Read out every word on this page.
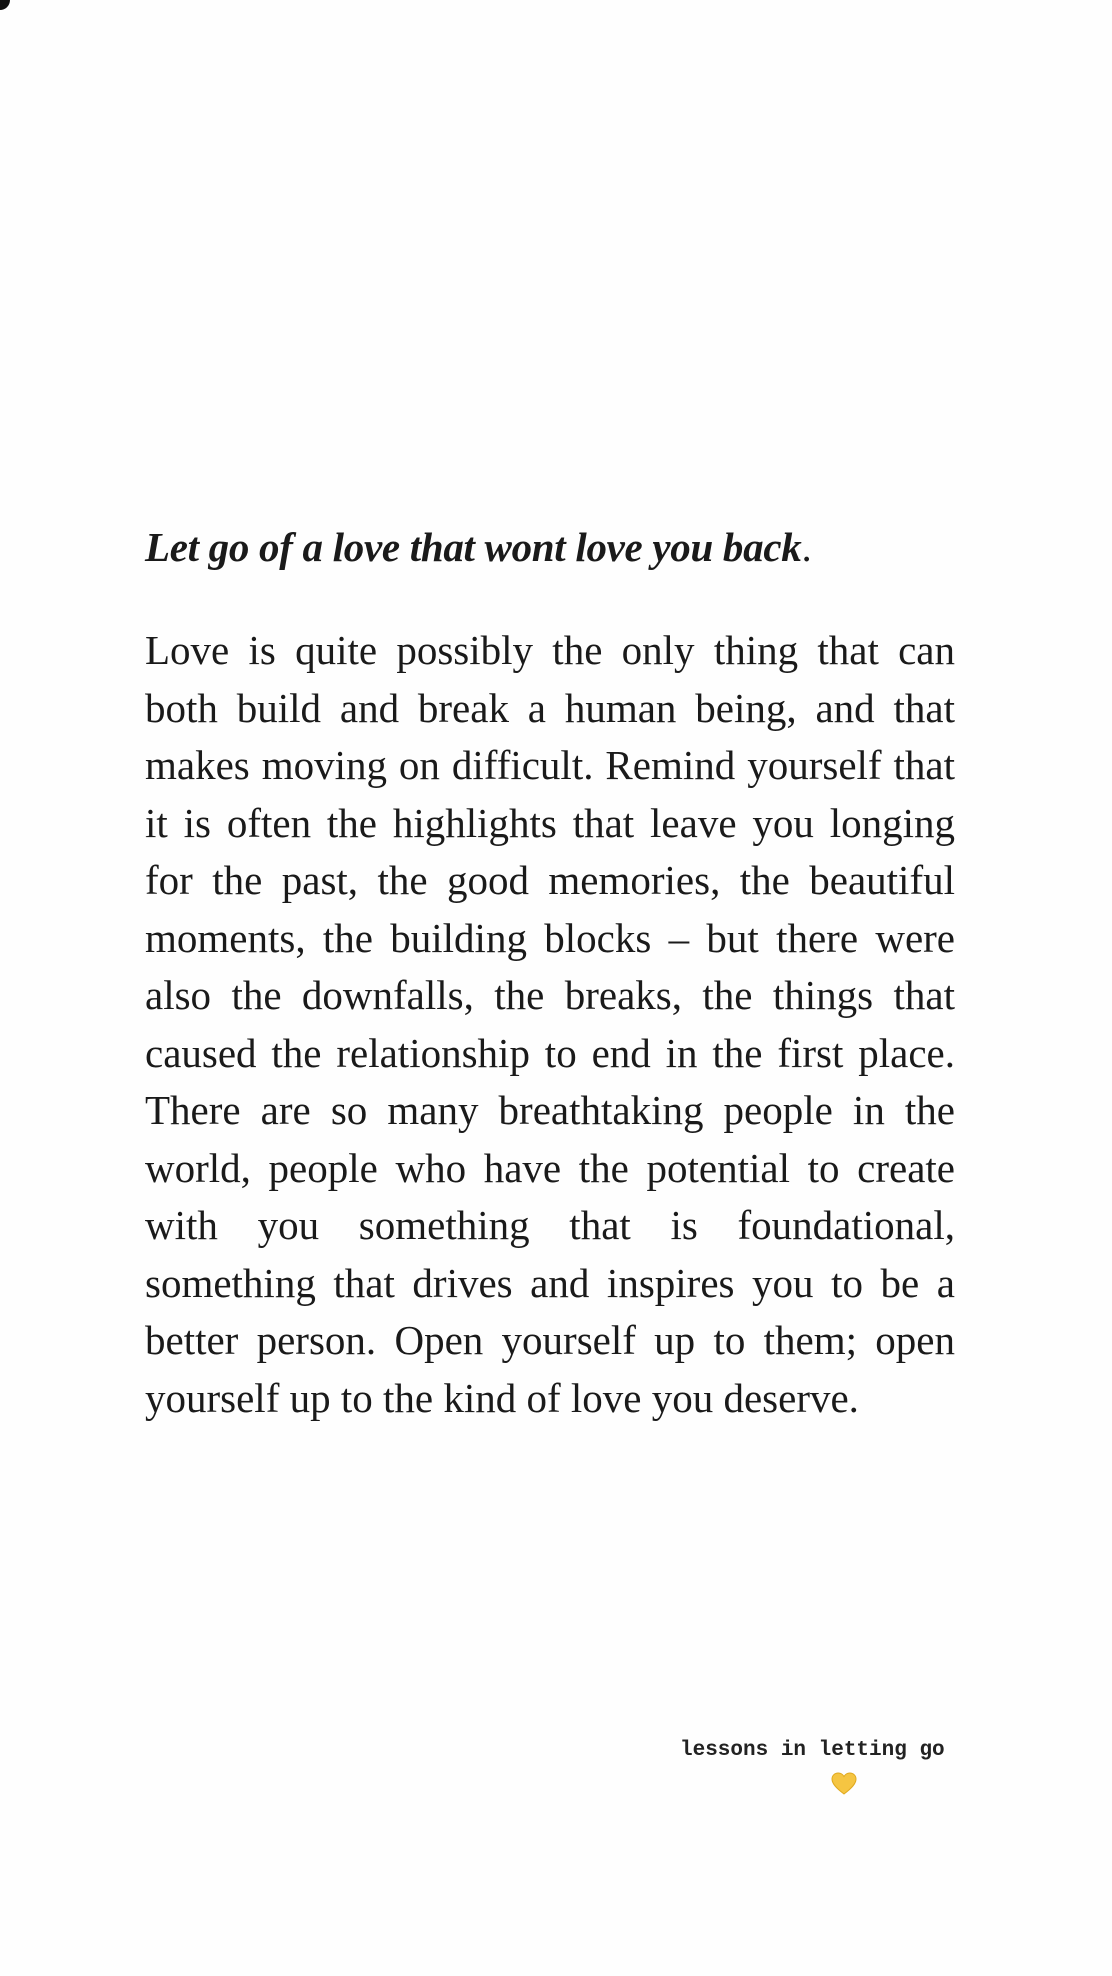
Let go of a love that wont love you back.

Love is quite possibly the only thing that can both build and break a human being, and that makes moving on difficult. Remind yourself that it is often the highlights that leave you longing for the past, the good memories, the beautiful moments, the building blocks – but there were also the downfalls, the breaks, the things that caused the relationship to end in the first place. There are so many breathtaking people in the world, people who have the potential to create with you something that is foundational, something that drives and inspires you to be a better person. Open yourself up to them; open yourself up to the kind of love you deserve.

lessons in letting go
